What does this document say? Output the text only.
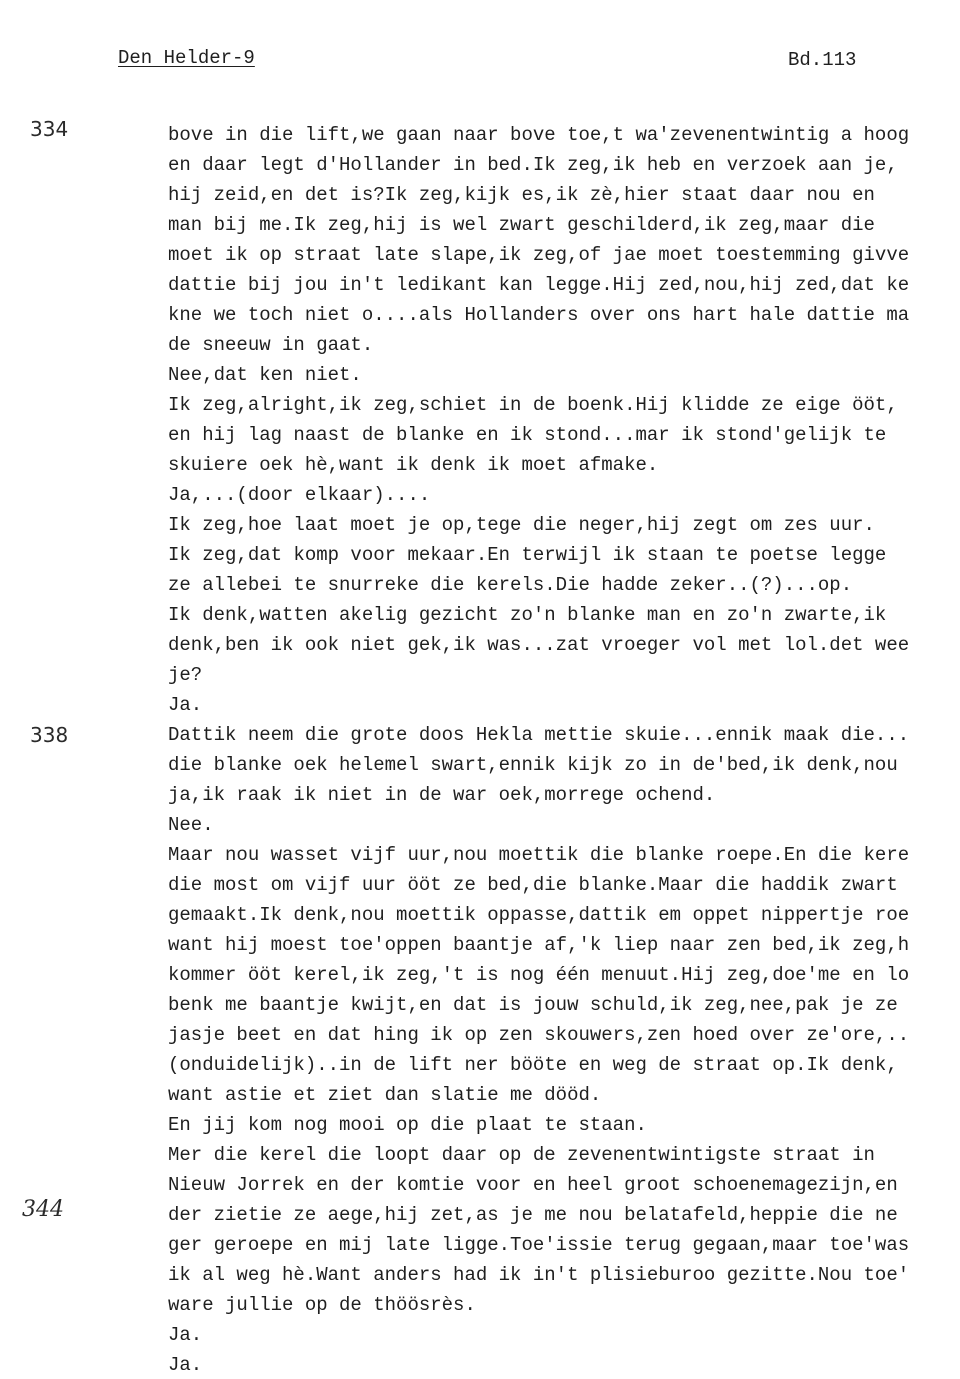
Den Helder-9	Bd.113
334
338
344
bove in die lift,we gaan naar bove toe,t wa'zevenentwintig a hoog
en daar legt d'Hollander in bed.Ik zeg,ik heb en verzoek aan je,
hij zeid,en det is?Ik zeg,kijk es,ik zè,hier staat daar nou en
man bij me.Ik zeg,hij is wel zwart geschilderd,ik zeg,maar die
moet ik op straat late slape,ik zeg,of jae moet toestemming givve
dattie bij jou in't ledikant kan legge.Hij zed,nou,hij zed,dat ke
kne we toch niet o....als Hollanders over ons hart hale dattie ma
de sneeuw in gaat.
Nee,dat ken niet.
Ik zeg,alright,ik zeg,schiet in de boenk.Hij klidde ze eige ööt,
en hij lag naast de blanke en ik stond...mar ik stond'gelijk te
skuiere oek hè,want ik denk ik moet afmake.
Ja,...(door elkaar)....
Ik zeg,hoe laat moet je op,tege die neger,hij zegt om zes uur.
Ik zeg,dat komp voor mekaar.En terwijl ik staan te poetse legge
ze allebei te snurreke die kerels.Die hadde zeker..(?)...op.
Ik denk,watten akelig gezicht zo'n blanke man en zo'n zwarte,ik
denk,ben ik ook niet gek,ik was...zat vroeger vol met lol.det wee
je?
Ja.
Dattik neem die grote doos Hekla mettie skuie...ennik maak die...
die blanke oek helemel swart,ennik kijk zo in de'bed,ik denk,nou
ja,ik raak ik niet in de war oek,morrege ochend.
Nee.
Maar nou wasset vijf uur,nou moettik die blanke roepe.En die kere
die most om vijf uur ööt ze bed,die blanke.Maar die haddik zwart
gemaakt.Ik denk,nou moettik oppasse,dattik em oppet nippertje roe
want hij moest toe'oppen baantje af,'k liep naar zen bed,ik zeg,h
kommer ööt kerel,ik zeg,'t is nog één menuut.Hij zeg,doe'me en lo
benk me baantje kwijt,en dat is jouw schuld,ik zeg,nee,pak je ze
jasje beet en dat hing ik op zen skouwers,zen hoed over ze'ore,..
(onduidelijk)..in de lift ner bööte en weg de straat op.Ik denk,
want astie et ziet dan slatie me dööd.
En jij kom nog mooi op die plaat te staan.
Mer die kerel die loopt daar op de zevenentwintigste straat in
Nieuw Jorrek en der komtie voor en heel groot schoenemagezijn,en
der zietie ze aege,hij zet,as je me nou belatafeld,heppie die ne
ger geroepe en mij late ligge.Toe'issie terug gegaan,maar toe'was
ik al weg hè.Want anders had ik in't plisieburoo gezitte.Nou toe'
ware jullie op de thöösrès.
Ja.
Ja.
